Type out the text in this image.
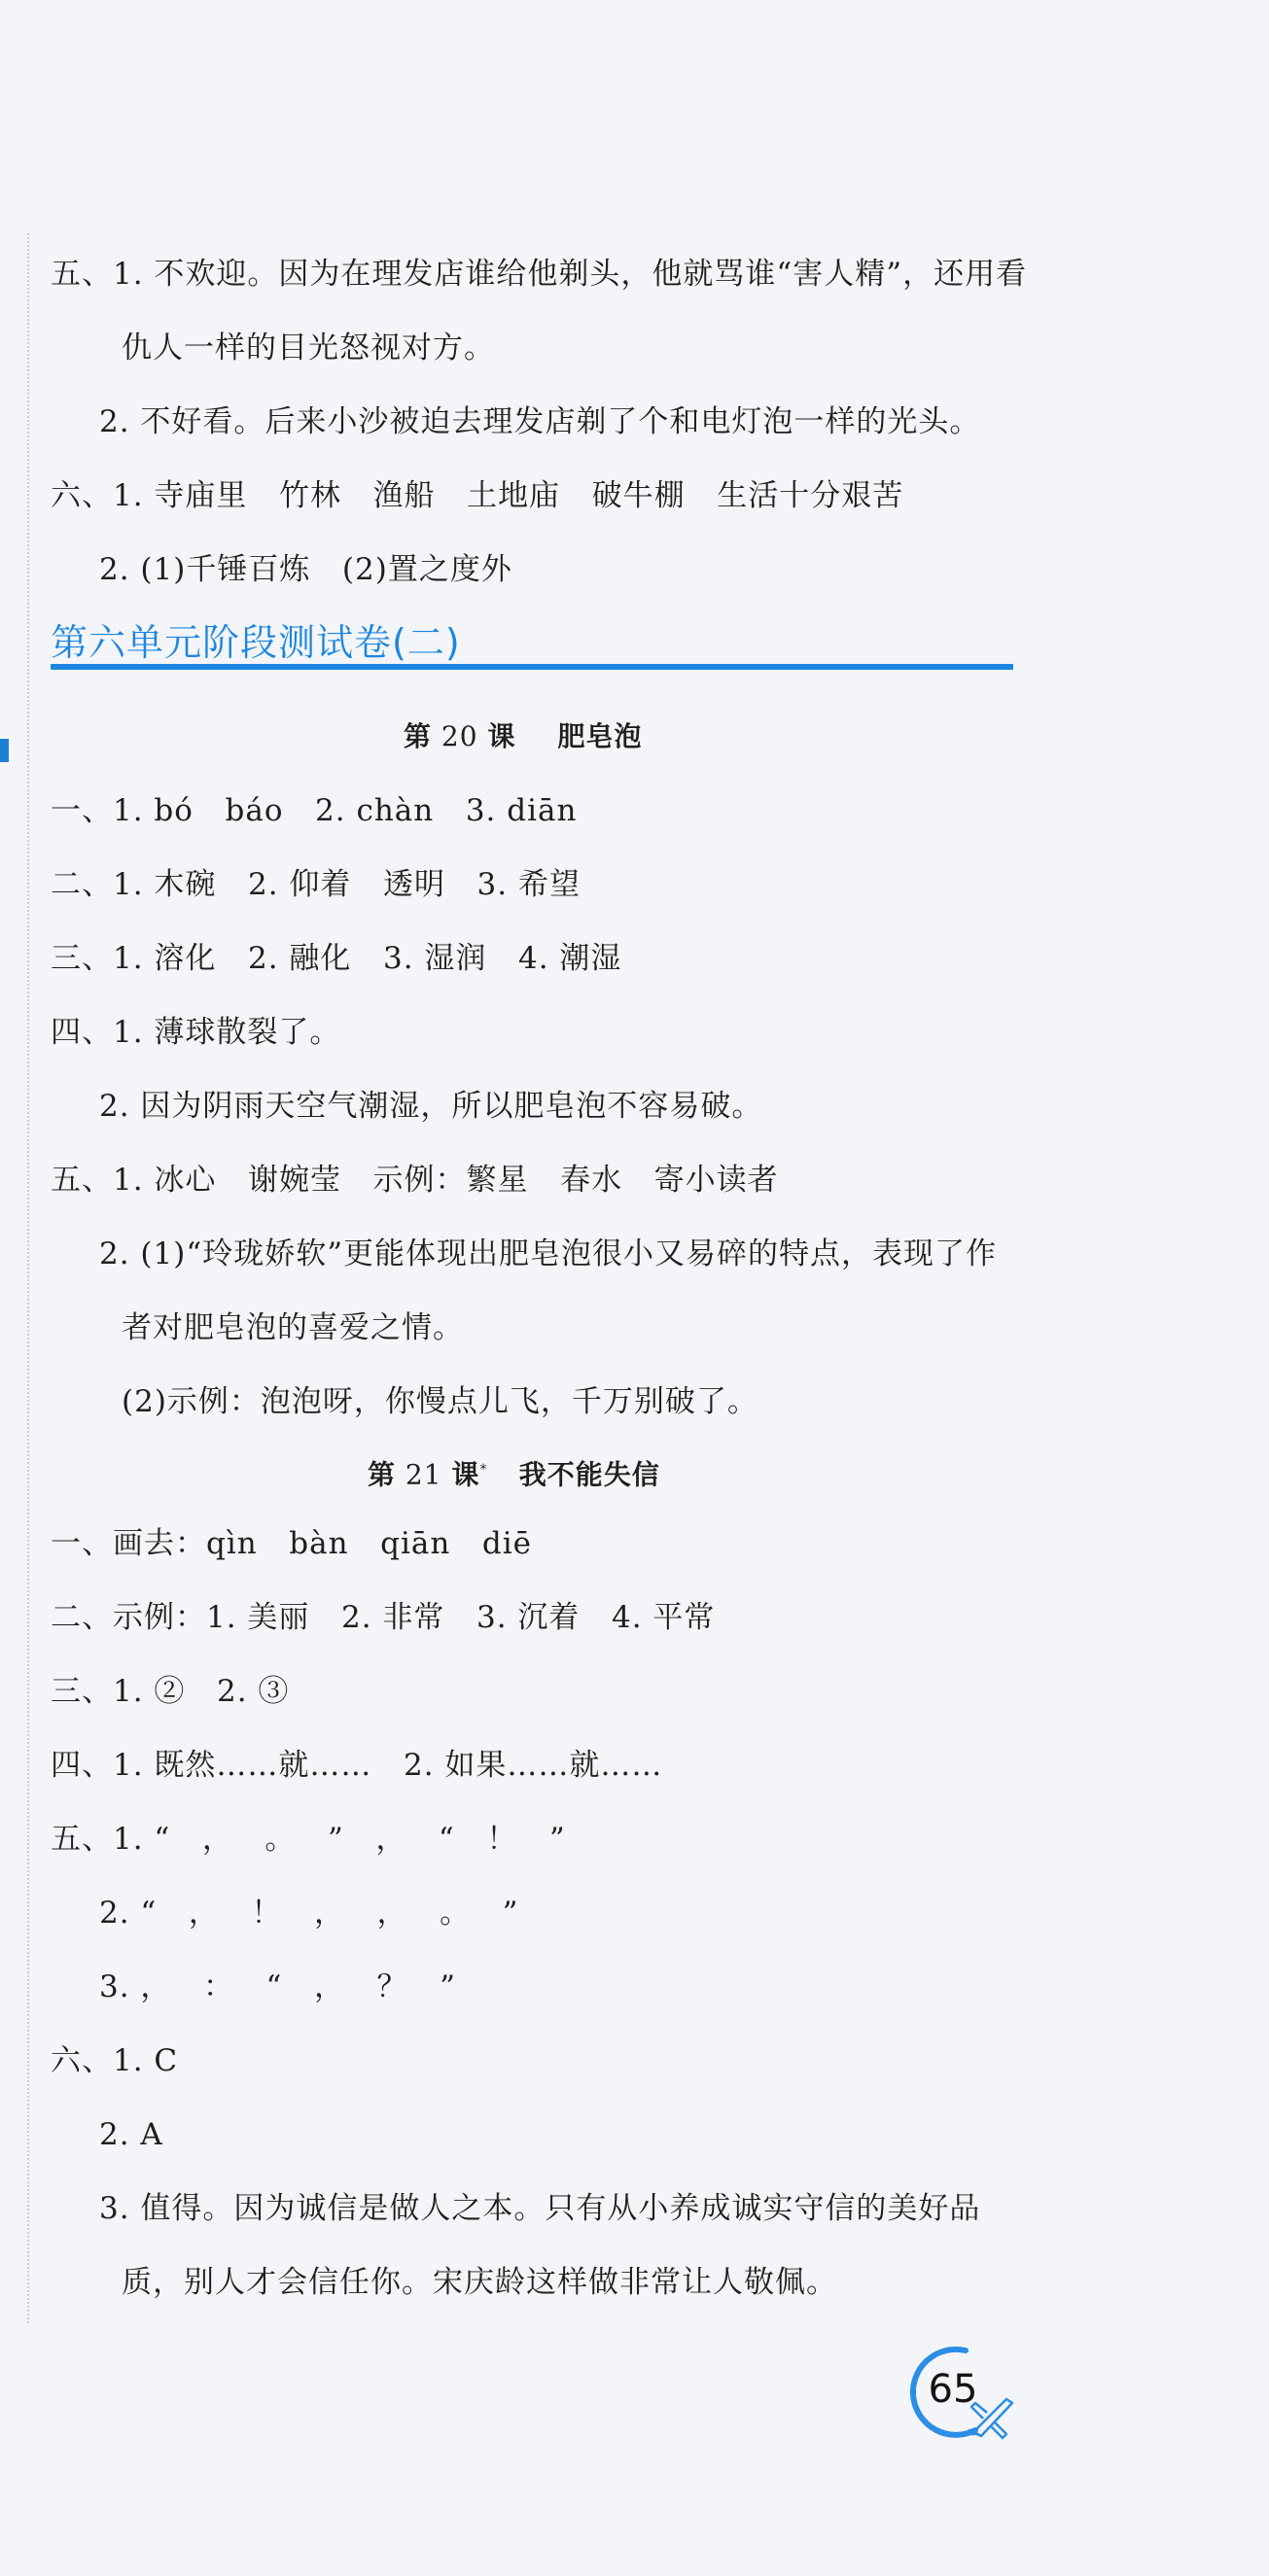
五、1. 不欢迎。因为在理发店谁给他剃头，他就骂谁“害人精”，还用看
仇人一样的目光怒视对方。
2. 不好看。后来小沙被迫去理发店剃了个和电灯泡一样的光头。
六、1. 寺庙里   竹林   渔船   土地庙   破牛棚   生活十分艰苦
2. (1)千锤百炼   (2)置之度外
第六单元阶段测试卷(二)
第 20 课 肥皂泡
一、1. bó   báo   2. chàn   3. diān
二、1. 木碗   2. 仰着   透明   3. 希望
三、1. 溶化   2. 融化   3. 湿润   4. 潮湿
四、1. 薄球散裂了。
2. 因为阴雨天空气潮湿，所以肥皂泡不容易破。
五、1. 冰心   谢婉莹   示例：繁星   春水   寄小读者
2. (1)“玲珑娇软”更能体现出肥皂泡很小又易碎的特点，表现了作
者对肥皂泡的喜爱之情。
(2)示例：泡泡呀，你慢点儿飞，千万别破了。
第 21 课* 我不能失信
一、画去：qìn   bàn   qiān   diē
二、示例：1. 美丽   2. 非常   3. 沉着   4. 平常
三、1. ②   2. ③
四、1. 既然……就……   2. 如果……就……
五、1. “   ，   。   ”   ，   “   ！   ”
2. “   ，   ！   ，   ，   。   ”
3. ，   ：   “   ，   ？   ”
六、1. C
2. A
3. 值得。因为诚信是做人之本。只有从小养成诚实守信的美好品
质，别人才会信任你。宋庆龄这样做非常让人敬佩。
65
